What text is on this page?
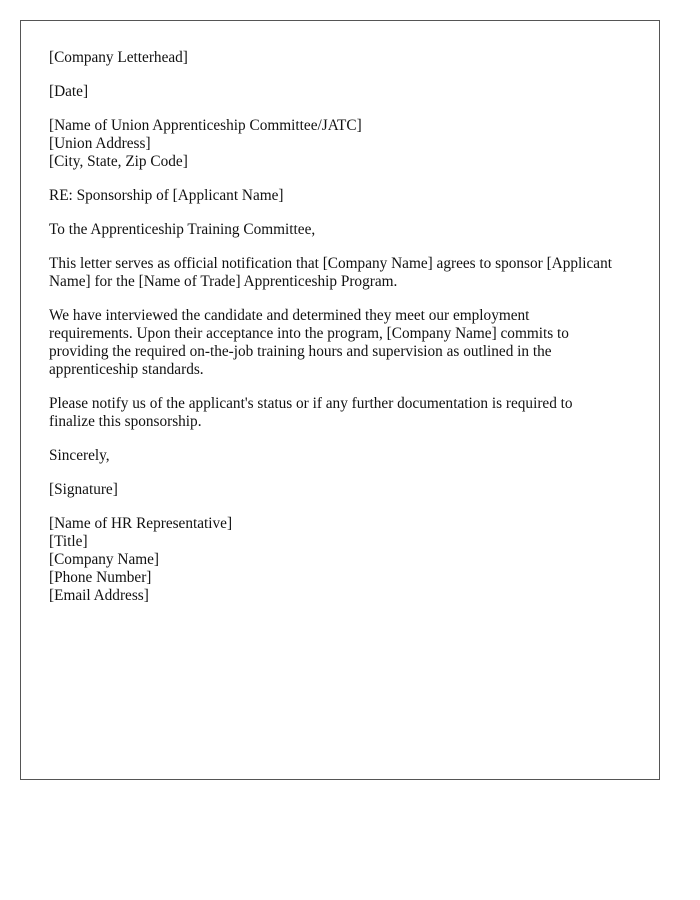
[Company Letterhead]

[Date]

[Name of Union Apprenticeship Committee/JATC]
[Union Address]
[City, State, Zip Code]

RE: Sponsorship of [Applicant Name]

To the Apprenticeship Training Committee,

This letter serves as official notification that [Company Name] agrees to sponsor [Applicant Name] for the [Name of Trade] Apprenticeship Program.

We have interviewed the candidate and determined they meet our employment requirements. Upon their acceptance into the program, [Company Name] commits to providing the required on-the-job training hours and supervision as outlined in the apprenticeship standards.

Please notify us of the applicant's status or if any further documentation is required to finalize this sponsorship.

Sincerely,

[Signature]

[Name of HR Representative]
[Title]
[Company Name]
[Phone Number]
[Email Address]
